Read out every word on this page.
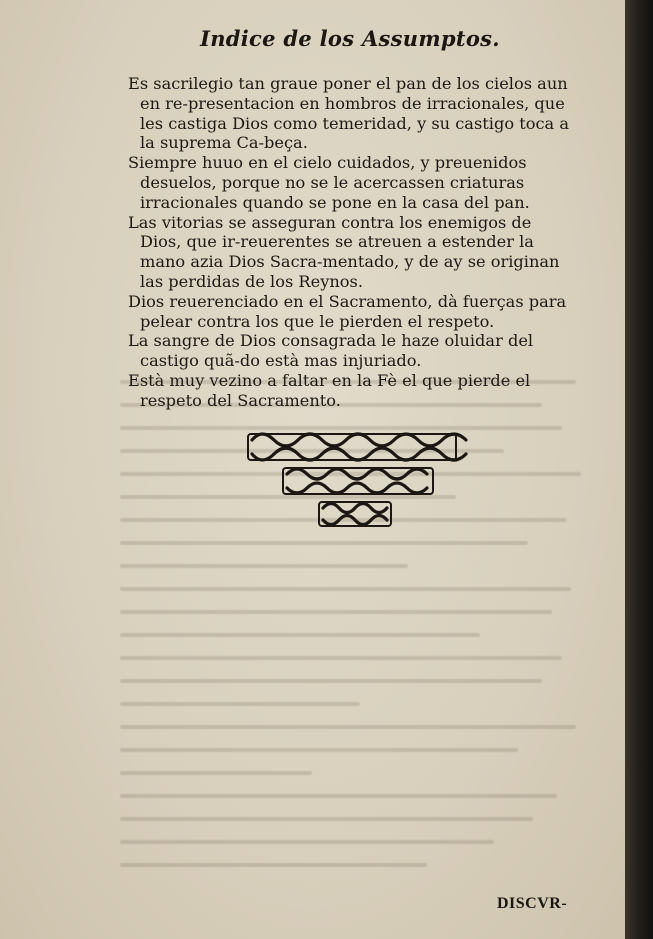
Indice de los Assumptos.

Es sacrilegio tan graue poner el pan de los cielos aun en re-presentacion en hombros de irracionales, que les castiga Dios como temeridad, y su castigo toca a la suprema Ca-beça.

Siempre huuo en el cielo cuidados, y preuenidos desuelos, porque no se le acercassen criaturas irracionales quando se pone en la casa del pan.

Las vitorias se asseguran contra los enemigos de Dios, que ir-reuerentes se atreuen a estender la mano azia Dios Sacra-mentado, y de ay se originan las perdidas de los Reynos.

Dios reuerenciado en el Sacramento, dà fuerças para pelear contra los que le pierden el respeto.

La sangre de Dios consagrada le haze oluidar del castigo quã-do està mas injuriado.

Està muy vezino a faltar en la Fè el que pierde el respeto del Sacramento.

DISCVR-
